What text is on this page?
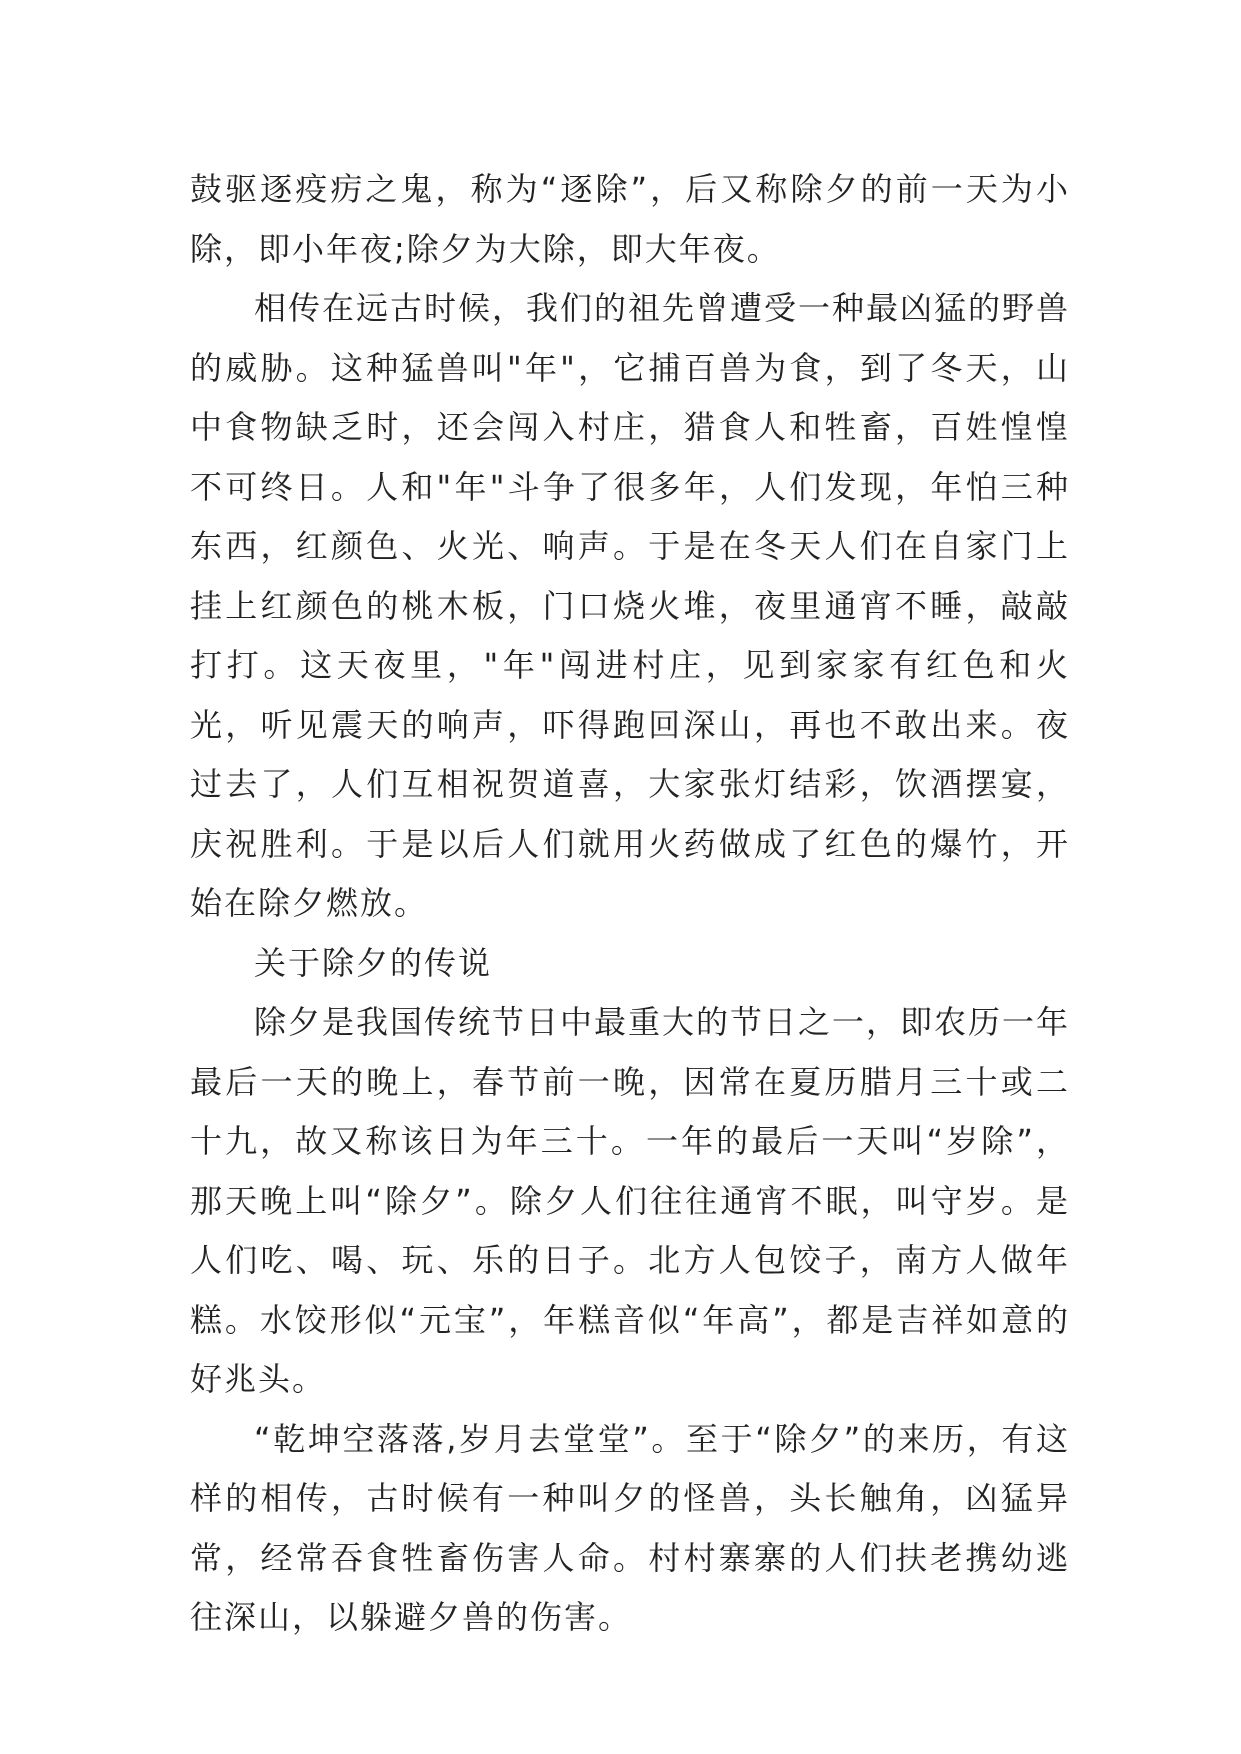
鼓驱逐疫疠之鬼，称为“逐除”，后又称除夕的前一天为小除，即小年夜;除夕为大除，即大年夜。

相传在远古时候，我们的祖先曾遭受一种最凶猛的野兽的威胁。这种猛兽叫"年"，它捕百兽为食，到了冬天，山中食物缺乏时，还会闯入村庄，猎食人和牲畜，百姓惶惶不可终日。人和"年"斗争了很多年，人们发现，年怕三种东西，红颜色、火光、响声。于是在冬天人们在自家门上挂上红颜色的桃木板，门口烧火堆，夜里通宵不睡，敲敲打打。这天夜里，"年"闯进村庄，见到家家有红色和火光，听见震天的响声，吓得跑回深山，再也不敢出来。夜过去了，人们互相祝贺道喜，大家张灯结彩，饮酒摆宴，庆祝胜利。于是以后人们就用火药做成了红色的爆竹，开始在除夕燃放。

关于除夕的传说

除夕是我国传统节日中最重大的节日之一，即农历一年最后一天的晚上，春节前一晚，因常在夏历腊月三十或二十九，故又称该日为年三十。一年的最后一天叫“岁除”，那天晚上叫“除夕”。除夕人们往往通宵不眠，叫守岁。是人们吃、喝、玩、乐的日子。北方人包饺子，南方人做年糕。水饺形似“元宝”，年糕音似“年高”，都是吉祥如意的好兆头。

“乾坤空落落,岁月去堂堂”。至于“除夕”的来历，有这样的相传，古时候有一种叫夕的怪兽，头长触角，凶猛异常，经常吞食牲畜伤害人命。村村寨寨的人们扶老携幼逃往深山，以躲避夕兽的伤害。
